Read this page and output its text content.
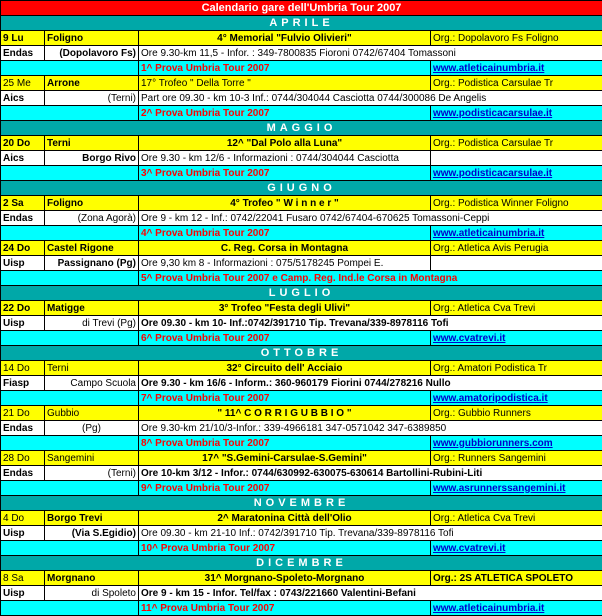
Calendario gare dell'Umbria Tour 2007			
APRILE			
9 Lu	Foligno	4° Memorial "Fulvio Olivieri"	Org.: Dopolavoro Fs Foligno
Endas	(Dopolavoro Fs)	Ore 9.30-km 11,5 - Infor. : 349-7800835 Fioroni 0742/67404 Tomassoni	
		1^ Prova Umbria Tour 2007	www.atleticainumbria.it
25 Me	Arrone	17° Trofeo " Della Torre "	Org.: Podistica Carsulae Tr
Aics	(Terni)	Part ore 09.30 - km 10-3 Inf.: 0744/304044 Casciotta 0744/300086 De Angelis	
		2^ Prova Umbria Tour 2007	www.podisticacarsulae.it
MAGGIO			
20 Do	Terni	12^ "Dal Polo alla Luna"	Org.: Podistica Carsulae Tr
Aics	Borgo Rivo	Ore 9.30 - km 12/6 - Informazioni : 0744/304044 Casciotta	
		3^ Prova Umbria Tour 2007	www.podisticacarsulae.it
GIUGNO			
2 Sa	Foligno	4° Trofeo " W i n n e r "	Org.: Podistica Winner Foligno
Endas	(Zona Agorà)	Ore 9 - km 12 - Inf.: 0742/22041 Fusaro 0742/67404-670625 Tomassoni-Ceppi	
		4^ Prova Umbria Tour 2007	www.atleticainumbria.it
24 Do	Castel Rigone	C. Reg. Corsa in Montagna	Org.: Atletica Avis Perugia
Uisp	Passignano (Pg)	Ore 9,30 km 8 - Informazioni : 075/5178245 Pompei E.	
		5^ Prova Umbria Tour 2007 e Camp. Reg. Ind.le Corsa in Montagna	
LUGLIO			
22 Do	Matigge	3° Trofeo "Festa degli Ulivi"	Org.: Atletica Cva Trevi
Uisp	di Trevi (Pg)	Ore 09.30 - km 10- Inf.:0742/391710 Tip. Trevana/339-8978116 Tofi	
		6^ Prova Umbria Tour 2007	www.cvatrevi.it
OTTOBRE			
14 Do	Terni	32° Circuito dell' Acciaio	Org.: Amatori Podistica Tr
Fiasp	Campo Scuola	Ore 9.30 - km 16/6 - Inform.: 360-960179 Fiorini 0744/278216 Nullo	
		7^ Prova Umbria Tour 2007	www.amatoripodistica.it
21 Do	Gubbio	" 11^ C O R R I G U B B I O "	Org.: Gubbio Runners
Endas	(Pg)	Ore 9.30-km 21/10/3-Infor.: 339-4966181 347-0571042 347-6389850	
		8^ Prova Umbria Tour 2007	www.gubbiorunners.com
28 Do	Sangemini	17^ "S.Gemini-Carsulae-S.Gemini"	Org.: Runners Sangemini
Endas	(Terni)	Ore 10-km 3/12 - Infor.: 0744/630992-630075-630614 Bartollini-Rubini-Liti	
		9^ Prova Umbria Tour 2007	www.asrunnerssangemini.it
NOVEMBRE			
4 Do	Borgo Trevi	2^ Maratonina Città dell'Olio	Org.: Atletica Cva Trevi
Uisp	(Via S.Egidio)	Ore 09.30 - km 21-10 Inf.: 0742/391710 Tip. Trevana/339-8978116 Tofi	
		10^ Prova Umbria Tour 2007	www.cvatrevi.it
DICEMBRE			
8 Sa	Morgnano	31^ Morgnano-Spoleto-Morgnano	Org.: 2S ATLETICA SPOLETO
Uisp	di Spoleto	Ore 9 - km 15 - Infor. Tel/fax : 0743/221660 Valentini-Befani	
		11^ Prova Umbria Tour 2007	www.atleticainumbria.it
